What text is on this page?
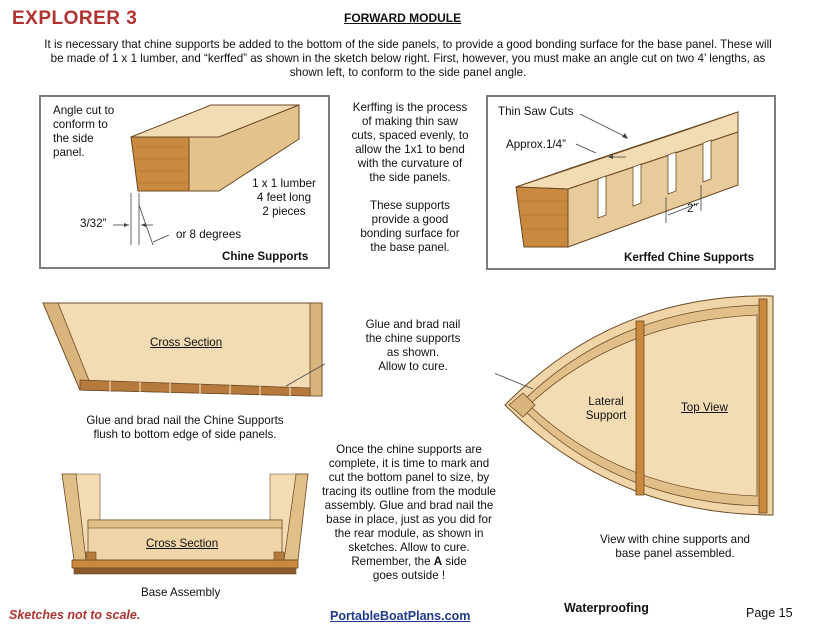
EXPLORER 3	FORWARD MODULE
It is necessary that chine supports be added to the bottom of the side panels, to provide a good bonding surface for the base panel. These will be made of 1 x 1 lumber, and “kerffed” as shown in the sketch below right. First, however, you must make an angle cut on two 4’ lengths, as shown left, to conform to the side panel angle.
Angle cut to
conform to
the side
panel.
1 x 1 lumber
4 feet long
2 pieces
3/32”
or 8 degrees
Chine Supports
Kerffing is the process
of making thin saw
cuts, spaced evenly, to
allow the 1x1 to bend
with the curvature of
the side panels.
These supports
provide a good
bonding surface for
the base panel.
Thin Saw Cuts
Approx.1/4”
2”
Kerffed Chine Supports
Cross Section
Glue and brad nail the Chine Supports
flush to bottom edge of side panels.
Glue and brad nail
the chine supports
as shown.
Allow to cure.
Lateral
Support
Top View
View with chine supports and
base panel assembled.
Cross Section
Base Assembly
Once the chine supports are
complete, it is time to mark and
cut the bottom panel to size, by
tracing its outline from the module
assembly. Glue and brad nail the
base in place, just as you did for
the rear module, as shown in
sketches. Allow to cure.
Remember, the A side
goes outside !
Sketches not to scale.	PortableBoatPlans.com
Waterproofing	Page 15
